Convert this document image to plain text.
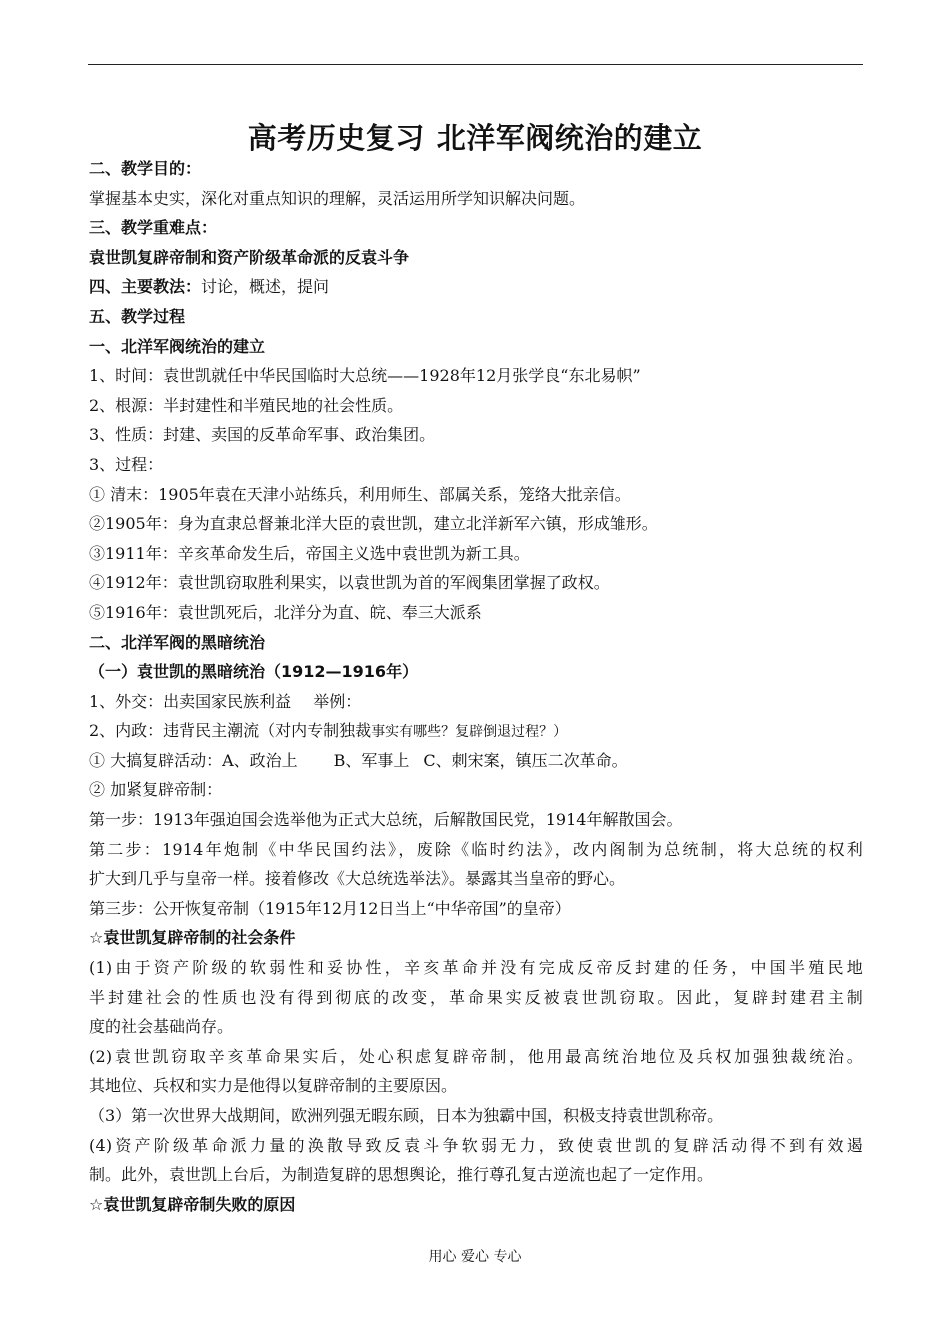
高考历史复习 北洋军阀统治的建立
二、教学目的：
掌握基本史实，深化对重点知识的理解，灵活运用所学知识解决问题。
三、教学重难点：
袁世凯复辟帝制和资产阶级革命派的反袁斗争
四、主要教法：讨论，概述，提问
五、教学过程
一、北洋军阀统治的建立
1、时间：袁世凯就任中华民国临时大总统——1928年12月张学良“东北易帜”
2、根源：半封建性和半殖民地的社会性质。
3、性质：封建、卖国的反革命军事、政治集团。
3、过程：
① 清末：1905年袁在天津小站练兵，利用师生、部属关系，笼络大批亲信。
②1905年：身为直隶总督兼北洋大臣的袁世凯，建立北洋新军六镇，形成雏形。
③1911年：辛亥革命发生后，帝国主义选中袁世凯为新工具。
④1912年：袁世凯窃取胜利果实，以袁世凯为首的军阀集团掌握了政权。
⑤1916年：袁世凯死后，北洋分为直、皖、奉三大派系
二、北洋军阀的黑暗统治
（一）袁世凯的黑暗统治（1912—1916年）
1、外交：出卖国家民族利益 举例：
2、内政：违背民主潮流（对内专制独裁事实有哪些？复辟倒退过程？）
① 大搞复辟活动：A、政治上 B、军事上 C、刺宋案，镇压二次革命。
② 加紧复辟帝制：
第一步：1913年强迫国会选举他为正式大总统，后解散国民党，1914年解散国会。
第二步：1914年炮制《中华民国约法》，废除《临时约法》，改内阁制为总统制，将大总统的权利
扩大到几乎与皇帝一样。接着修改《大总统选举法》。暴露其当皇帝的野心。
第三步：公开恢复帝制（1915年12月12日当上“中华帝国”的皇帝）
☆袁世凯复辟帝制的社会条件
(1)由于资产阶级的软弱性和妥协性，辛亥革命并没有完成反帝反封建的任务，中国半殖民地
半封建社会的性质也没有得到彻底的改变，革命果实反被袁世凯窃取。因此，复辟封建君主制
度的社会基础尚存。
(2)袁世凯窃取辛亥革命果实后，处心积虑复辟帝制，他用最高统治地位及兵权加强独裁统治。
其地位、兵权和实力是他得以复辟帝制的主要原因。
（3）第一次世界大战期间，欧洲列强无暇东顾，日本为独霸中国，积极支持袁世凯称帝。
(4)资产阶级革命派力量的涣散导致反袁斗争软弱无力，致使袁世凯的复辟活动得不到有效遏
制。此外，袁世凯上台后，为制造复辟的思想舆论，推行尊孔复古逆流也起了一定作用。
☆袁世凯复辟帝制失败的原因
用心 爱心 专心
